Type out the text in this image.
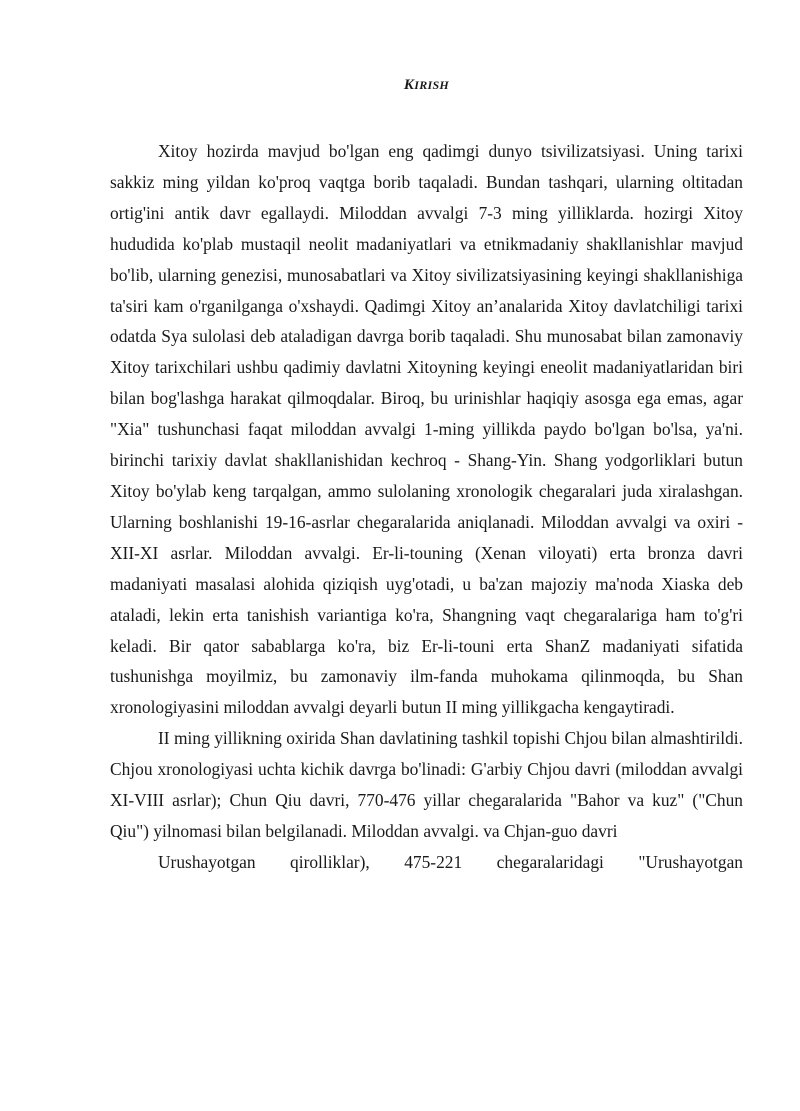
KIRISH

Xitoy hozirda mavjud bo'lgan eng qadimgi dunyo tsivilizatsiyasi. Uning tarixi sakkiz ming yildan ko'proq vaqtga borib taqaladi. Bundan tashqari, ularning oltitadan ortig'ini antik davr egallaydi. Miloddan avvalgi 7-3 ming yilliklarda. hozirgi Xitoy hududida ko'plab mustaqil neolit madaniyatlari va etnikmadaniy shakllanishlar mavjud bo'lib, ularning genezisi, munosabatlari va Xitoy sivilizatsiyasining keyingi shakllanishiga ta'siri kam o'rganilganga o'xshaydi. Qadimgi Xitoy an’analarida Xitoy davlatchiligi tarixi odatda Sya sulolasi deb ataladigan davrga borib taqaladi. Shu munosabat bilan zamonaviy Xitoy tarixchilari ushbu qadimiy davlatni Xitoyning keyingi eneolit madaniyatlaridan biri bilan bog'lashga harakat qilmoqdalar. Biroq, bu urinishlar haqiqiy asosga ega emas, agar "Xia" tushunchasi faqat miloddan avvalgi 1-ming yillikda paydo bo'lgan bo'lsa, ya'ni. birinchi tarixiy davlat shakllanishidan kechroq - Shang-Yin. Shang yodgorliklari butun Xitoy bo'ylab keng tarqalgan, ammo sulolaning xronologik chegaralari juda xiralashgan. Ularning boshlanishi 19-16-asrlar chegaralarida aniqlanadi. Miloddan avvalgi va oxiri - XII-XI asrlar. Miloddan avvalgi. Er-li-touning (Xenan viloyati) erta bronza davri madaniyati masalasi alohida qiziqish uyg'otadi, u ba'zan majoziy ma'noda Xiaska deb ataladi, lekin erta tanishish variantiga ko'ra, Shangning vaqt chegaralariga ham to'g'ri keladi. Bir qator sabablarga ko'ra, biz Er-li-touni erta ShanZ madaniyati sifatida tushunishga moyilmiz, bu zamonaviy ilm-fanda muhokama qilinmoqda, bu Shan xronologiyasini miloddan avvalgi deyarli butun II ming yillikgacha kengaytiradi.

II ming yillikning oxirida Shan davlatining tashkil topishi Chjou bilan almashtirildi. Chjou xronologiyasi uchta kichik davrga bo'linadi: G'arbiy Chjou davri (miloddan avvalgi XI-VIII asrlar); Chun Qiu davri, 770-476 yillar chegaralarida "Bahor va kuz" ("Chun Qiu") yilnomasi bilan belgilanadi. Miloddan avvalgi. va Chjan-guo davri

Urushayotgan qirolliklar), 475-221 chegaralaridagi "Urushayotgan
